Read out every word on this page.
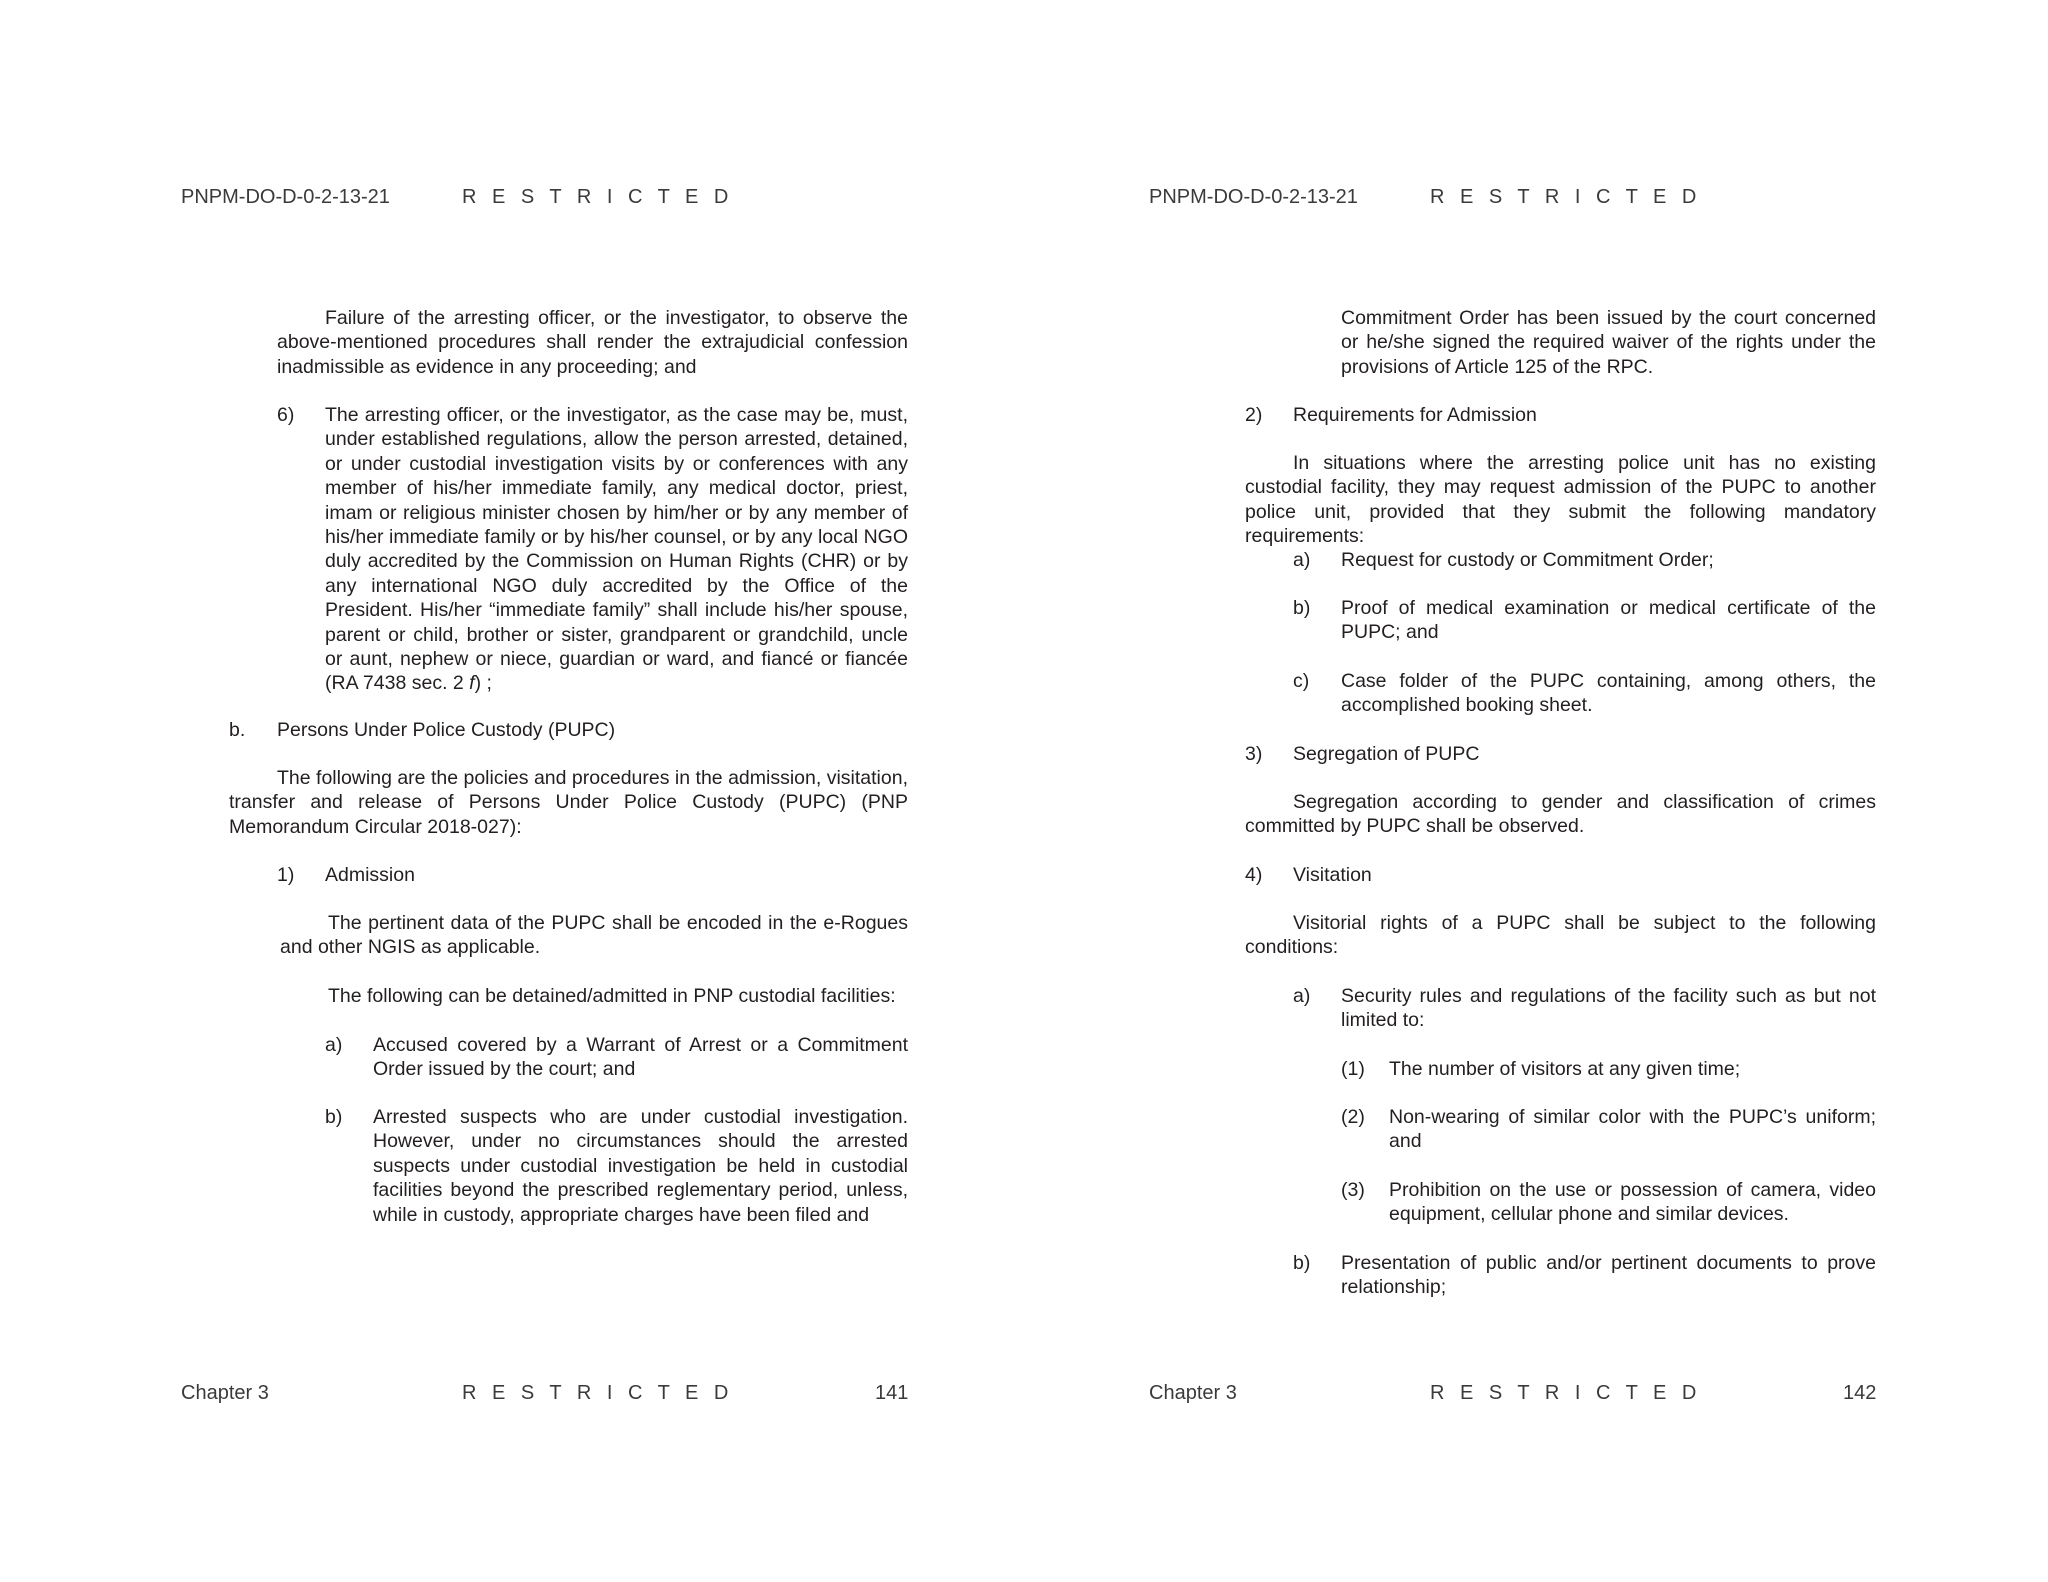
PNPM-DO-D-0-2-13-21	R E S T R I C T E D

Failure of the arresting officer, or the investigator, to observe the above-mentioned procedures shall render the extrajudicial confession inadmissible as evidence in any proceeding; and

6) The arresting officer, or the investigator, as the case may be, must, under established regulations, allow the person arrested, detained, or under custodial investigation visits by or conferences with any member of his/her immediate family, any medical doctor, priest, imam or religious minister chosen by him/her or by any member of his/her immediate family or by his/her counsel, or by any local NGO duly accredited by the Commission on Human Rights (CHR) or by any international NGO duly accredited by the Office of the President. His/her “immediate family” shall include his/her spouse, parent or child, brother or sister, grandparent or grandchild, uncle or aunt, nephew or niece, guardian or ward, and fiancé or fiancée (RA 7438 sec. 2 f) ;
b. Persons Under Police Custody (PUPC)

The following are the policies and procedures in the admission, visitation, transfer and release of Persons Under Police Custody (PUPC) (PNP Memorandum Circular 2018-027):

1) Admission

The pertinent data of the PUPC shall be encoded in the e-Rogues and other NGIS as applicable.

The following can be detained/admitted in PNP custodial facilities:

a) Accused covered by a Warrant of Arrest or a Commitment Order issued by the court; and
b) Arrested suspects who are under custodial investigation. However, under no circumstances should the arrested suspects under custodial investigation be held in custodial facilities beyond the prescribed reglementary period, unless, while in custody, appropriate charges have been filed and
Chapter 3	R E S T R I C T E D	141
PNPM-DO-D-0-2-13-21	R E S T R I C T E D

Commitment Order has been issued by the court concerned or he/she signed the required waiver of the rights under the provisions of Article 125 of the RPC.

2) Requirements for Admission

In situations where the arresting police unit has no existing custodial facility, they may request admission of the PUPC to another police unit, provided that they submit the following mandatory requirements:

a) Request for custody or Commitment Order;
b) Proof of medical examination or medical certificate of the PUPC; and
c) Case folder of the PUPC containing, among others, the accomplished booking sheet.
3) Segregation of PUPC

Segregation according to gender and classification of crimes committed by PUPC shall be observed.

4) Visitation

Visitorial rights of a PUPC shall be subject to the following conditions:

a) Security rules and regulations of the facility such as but not limited to:
(1) The number of visitors at any given time;
(2) Non-wearing of similar color with the PUPC’s uniform; and
(3) Prohibition on the use or possession of camera, video equipment, cellular phone and similar devices.
b) Presentation of public and/or pertinent documents to prove relationship;
Chapter 3	R E S T R I C T E D	142
